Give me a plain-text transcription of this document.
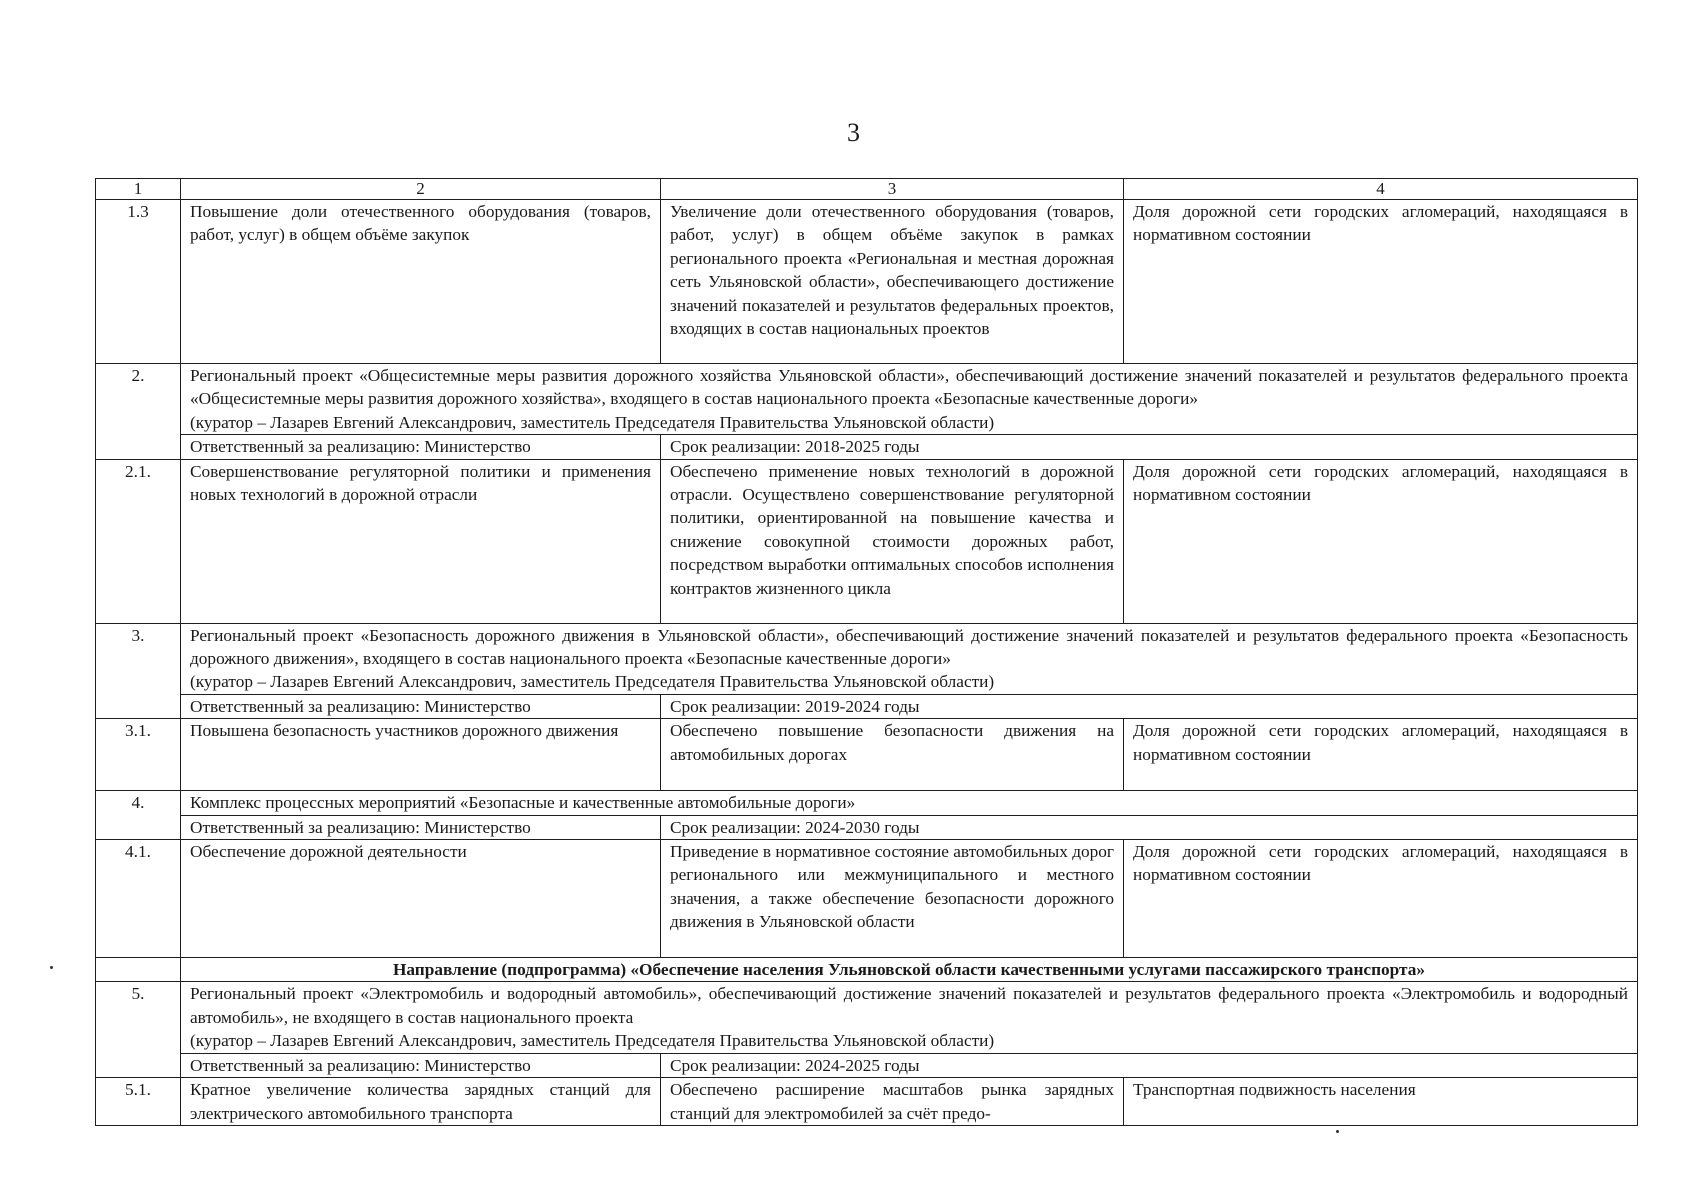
3
1	2	3	4
1.3	Повышение доли отечественного оборудования (товаров, работ, услуг) в общем объёме закупок	Увеличение доли отечественного оборудования (товаров, работ, услуг) в общем объёме закупок в рамках регионального проекта «Региональная и местная дорожная сеть Ульяновской области», обеспечивающего достижение значений показателей и результатов федеральных проектов, входящих в состав национальных проектов	Доля дорожной сети городских агломераций, находящаяся в нормативном состоянии
2.	Региональный проект «Общесистемные меры развития дорожного хозяйства Ульяновской области», обеспечивающий достижение значений показателей и результатов федерального проекта «Общесистемные меры развития дорожного хозяйства», входящего в состав национального проекта «Безопасные качественные дороги»
(куратор – Лазарев Евгений Александрович, заместитель Председателя Правительства Ульяновской области)		

	Ответственный за реализацию: Министерство	Срок реализации: 2018-2025 годы	
2.1.	Совершенствование регуляторной политики и применения новых технологий в дорожной отрасли	Обеспечено применение новых технологий в дорожной отрасли. Осуществлено совершенствование регуляторной политики, ориентированной на повышение качества и снижение совокупной стоимости дорожных работ, посредством выработки оптимальных способов исполнения контрактов жизненного цикла	Доля дорожной сети городских агломераций, находящаяся в нормативном состоянии
3.	Региональный проект «Безопасность дорожного движения в Ульяновской области», обеспечивающий достижение значений показателей и результатов федерального проекта «Безопасность дорожного движения», входящего в состав национального проекта «Безопасные качественные дороги»
(куратор – Лазарев Евгений Александрович, заместитель Председателя Правительства Ульяновской области)		

	Ответственный за реализацию: Министерство	Срок реализации: 2019-2024 годы	
3.1.	Повышена безопасность участников дорожного движения	Обеспечено повышение безопасности движения на автомобильных дорогах	Доля дорожной сети городских агломераций, находящаяся в нормативном состоянии
4.	Комплекс процессных мероприятий «Безопасные и качественные автомобильные дороги»		
	Ответственный за реализацию: Министерство	Срок реализации: 2024-2030 годы	
4.1.	Обеспечение дорожной деятельности	Приведение в нормативное состояние автомобильных дорог регионального или межмуниципального и местного значения, а также обеспечение безопасности дорожного движения в Ульяновской области	Доля дорожной сети городских агломераций, находящаяся в нормативном состоянии
	Направление (подпрограмма) «Обеспечение населения Ульяновской области качественными услугами пассажирского транспорта»		
5.	Региональный проект «Электромобиль и водородный автомобиль», обеспечивающий достижение значений показателей и результатов федерального проекта «Электромобиль и водородный автомобиль», не входящего в состав национального проекта
(куратор – Лазарев Евгений Александрович, заместитель Председателя Правительства Ульяновской области)		

	Ответственный за реализацию: Министерство	Срок реализации: 2024-2025 годы	
5.1.	Кратное увеличение количества зарядных станций для электрического автомобильного транспорта	Обеспечено расширение масштабов рынка зарядных станций для электромобилей за счёт предо-	Транспортная подвижность населения
